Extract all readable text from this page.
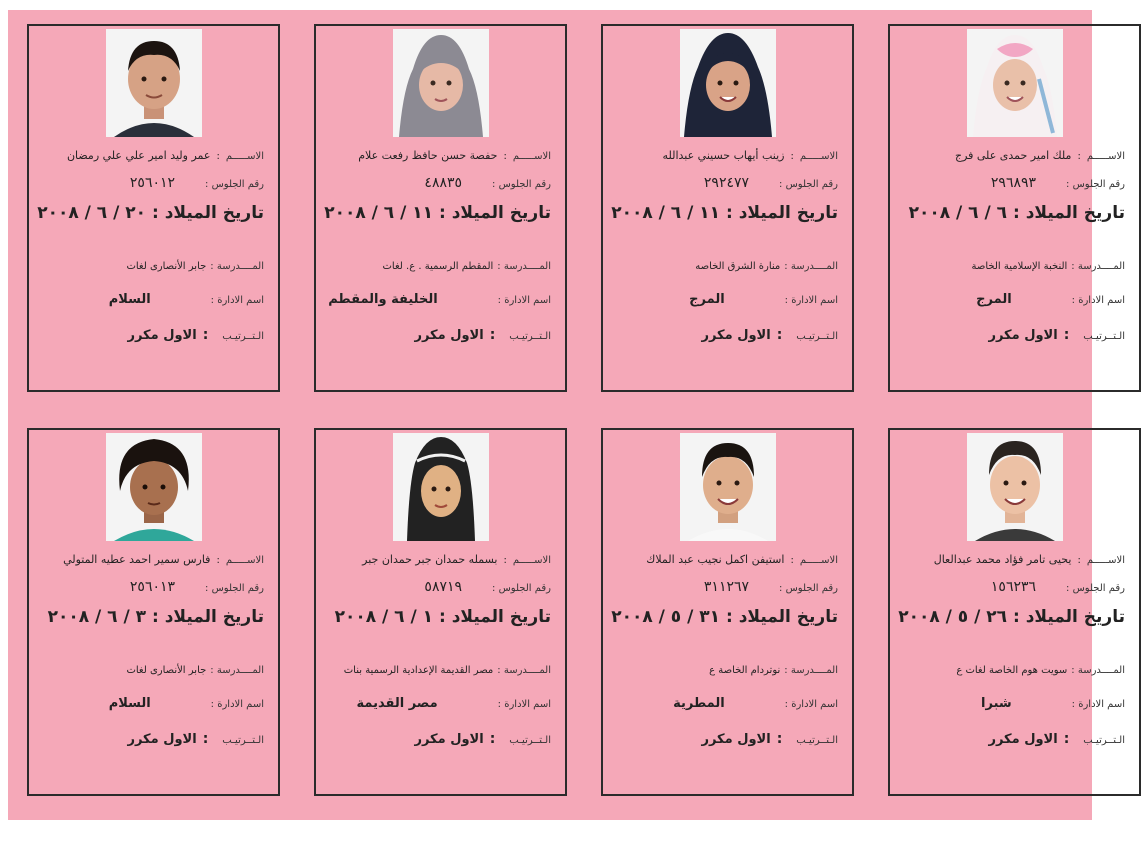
الاســـــم:عمر وليد امير علي علي رمضان
رقم الجلوس :٢٥٦٠١٢
تاريخ الميلاد :٢٠ / ٦ / ٢٠٠٨
المــــدرسة :جابر الأنصارى لغات
اسم الادارة :السلام
الـتــرتيـب:الاول مكرر
الاســـــم:حفصة حسن حافظ رفعت علام
رقم الجلوس :٤٨٨٣٥
تاريخ الميلاد :١١ / ٦ / ٢٠٠٨
المــــدرسة :المقطم الرسمية . ع. لغات
اسم الادارة :الخليفة والمقطم
الـتــرتيـب:الاول مكرر
الاســـــم:زينب أيهاب حسيني عبدالله
رقم الجلوس :٢٩٢٤٧٧
تاريخ الميلاد :١١ / ٦ / ٢٠٠٨
المــــدرسة :منارة الشرق الخاصه
اسم الادارة :المرج
الـتــرتيـب:الاول مكرر
الاســـــم:ملك امير حمدى على فرج
رقم الجلوس :٢٩٦٨٩٣
تاريخ الميلاد :٦ / ٦ / ٢٠٠٨
المــــدرسة :النخبة الإسلامية الخاصة
اسم الادارة :المرج
الـتــرتيـب:الاول مكرر
الاســـــم:فارس سمير احمد عطيه المتولي
رقم الجلوس :٢٥٦٠١٣
تاريخ الميلاد :٣ / ٦ / ٢٠٠٨
المــــدرسة :جابر الأنصارى لغات
اسم الادارة :السلام
الـتــرتيـب:الاول مكرر
الاســـــم:بسمله حمدان جبر حمدان جبر
رقم الجلوس :٥٨٧١٩
تاريخ الميلاد :١ / ٦ / ٢٠٠٨
المــــدرسة :مصر القديمة الإعدادية الرسمية بنات
اسم الادارة :مصر القديمة
الـتــرتيـب:الاول مكرر
الاســـــم:استيفن اكمل نجيب عبد الملاك
رقم الجلوس :٣١١٢٦٧
تاريخ الميلاد :٣١ / ٥ / ٢٠٠٨
المــــدرسة :نوتردام الخاصة ع
اسم الادارة :المطرية
الـتــرتيـب:الاول مكرر
الاســـــم:يحيى تامر فؤاد محمد عبدالعال
رقم الجلوس :١٥٦٢٣٦
تاريخ الميلاد :٢٦ / ٥ / ٢٠٠٨
المــــدرسة :سويت هوم الخاصة لغات ع
اسم الادارة :شبرا
الـتــرتيـب:الاول مكرر
